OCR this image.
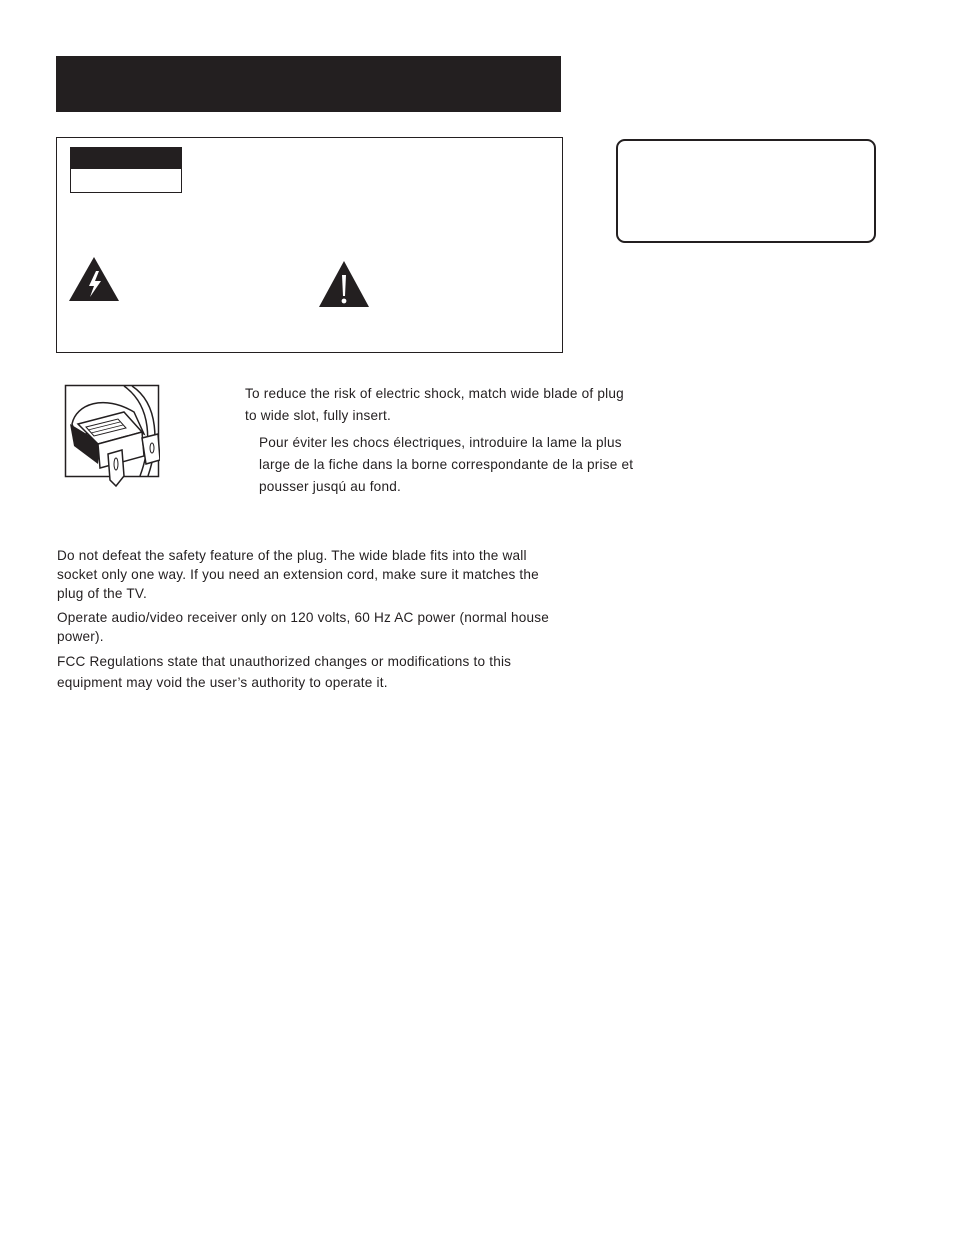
To reduce the risk of electric shock, match wide blade of plug to wide slot, fully insert.

Pour éviter les chocs électriques, introduire la lame la plus large de la fiche dans la borne correspondante de la prise et pousser jusqú au fond.

Do not defeat the safety feature of the plug. The wide blade fits into the wall socket only one way. If you need an extension cord, make sure it matches the plug of the TV.

Operate audio/video receiver only on 120 volts, 60 Hz AC power (normal house power).

FCC Regulations state that unauthorized changes or modifications to this equipment may void the user’s authority to operate it.
